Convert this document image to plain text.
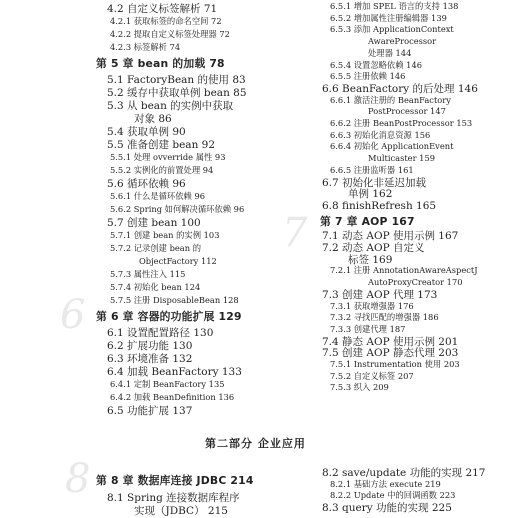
6
7
8
4.2 自定义标签解析 71
4.2.1 获取标签的命名空间 72
4.2.2 提取自定义标签处理器 72
4.2.3 标签解析 74
第 5 章 bean 的加载 78
5.1 FactoryBean 的使用 83
5.2 缓存中获取单例 bean 85
5.3 从 bean 的实例中获取
对象 86
5.4 获取单例 90
5.5 准备创建 bean 92
5.5.1 处理 ovverride 属性 93
5.5.2 实例化的前置处理 94
5.6 循环依赖 96
5.6.1 什么是循环依赖 96
5.6.2 Spring 如何解决循环依赖 96
5.7 创建 bean 100
5.7.1 创建 bean 的实例 103
5.7.2 记录创建 bean 的
ObjectFactory 112
5.7.3 属性注入 115
5.7.4 初始化 bean 124
5.7.5 注册 DisposableBean 128
第 6 章 容器的功能扩展 129
6.1 设置配置路径 130
6.2 扩展功能 130
6.3 环境准备 132
6.4 加载 BeanFactory 133
6.4.1 定制 BeanFactory 135
6.4.2 加载 BeanDefinition 136
6.5 功能扩展 137
6.5.1 增加 SPEL 语言的支持 138
6.5.2 增加属性注册编辑器 139
6.5.3 添加 ApplicationContext
AwareProcessor
处理器 144
6.5.4 设置忽略依赖 146
6.5.5 注册依赖 146
6.6 BeanFactory 的后处理 146
6.6.1 激活注册的 BeanFactory
PostProcessor 147
6.6.2 注册 BeanPostProcessor 153
6.6.3 初始化消息资源 156
6.6.4 初始化 ApplicationEvent
Multicaster 159
6.6.5 注册监听器 161
6.7 初始化非延迟加载
单例 162
6.8 finishRefresh 165
第 7 章 AOP 167
7.1 动态 AOP 使用示例 167
7.2 动态 AOP 自定义
标签 169
7.2.1 注册 AnnotationAwareAspectJ
AutoProxyCreator 170
7.3 创建 AOP 代理 173
7.3.1 获取增强器 176
7.3.2 寻找匹配的增强器 186
7.3.3 创建代理 187
7.4 静态 AOP 使用示例 201
7.5 创建 AOP 静态代理 203
7.5.1 Instrumentation 使用 203
7.5.2 自定义标签 207
7.5.3 织入 209
第二部分 企业应用
第 8 章 数据库连接 JDBC 214
8.1 Spring 连接数据库程序
实现（JDBC） 215
8.2 save/update 功能的实现 217
8.2.1 基础方法 execute 219
8.2.2 Update 中的回调函数 223
8.3 query 功能的实现 225
